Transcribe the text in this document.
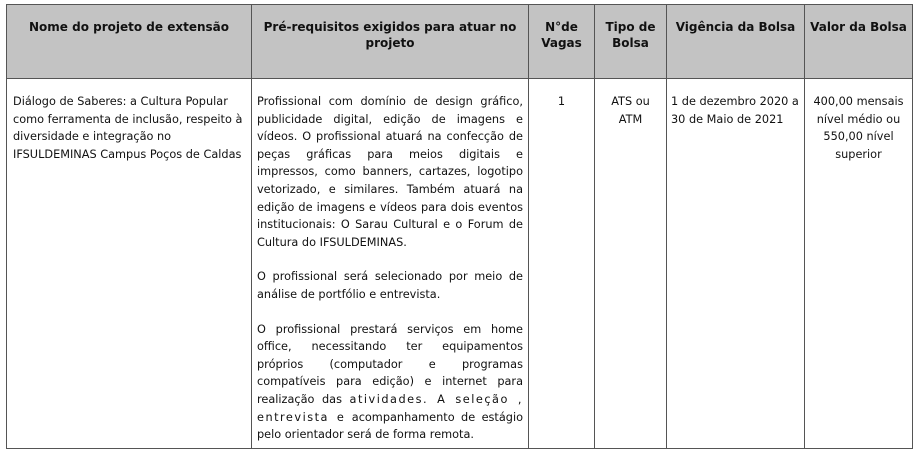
Nome do projeto de extensão	Pré-requisitos exigidos para atuar no projeto	N°de Vagas	Tipo de Bolsa	Vigência da Bolsa	Valor da Bolsa
Diálogo de Saberes: a Cultura Popular como ferramenta de inclusão, respeito à diversidade e integração no IFSULDEMINAS Campus Poços de Caldas	Profissional com domínio de design gráfico, publicidade digital, edição de imagens e vídeos. O profissional atuará na confecção de peças gráficas para meios digitais e impressos, como banners, cartazes, logotipo vetorizado, e similares. Também atuará na edição de imagens e vídeos para dois eventos institucionais: O Sarau Cultural e o Forum de Cultura do IFSULDEMINAS.

O profissional será selecionado por meio de análise de portfólio e entrevista.

O profissional prestará serviços em home office, necessitando ter equipamentos próprios (computador e programas compatíveis para edição) e internet para realização das atividades. A seleção , entrevista e acompanhamento de estágio pelo orientador será de forma remota.	1	ATS ou ATM	1 de dezembro 2020 a 30 de Maio de 2021	400,00 mensais nível médio ou 550,00 nível superior
